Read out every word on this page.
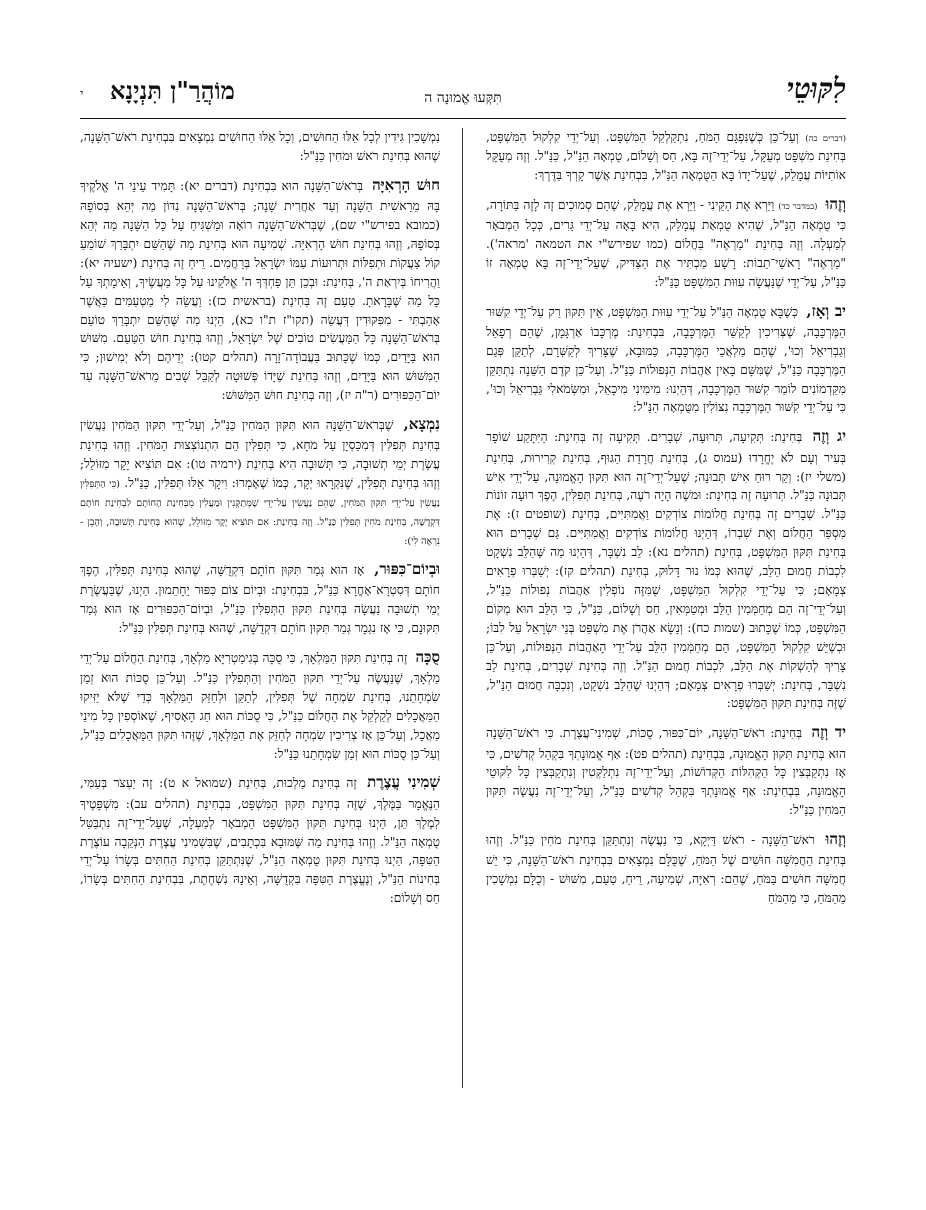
לִקּוּטֵי
תִּקְּעוּ אֱמוּנָה ה
מוֹהֲרַ"ן תִּנְיָנָא
י

(דברים כה) וְעַל־כֵּן כְּשֶׁנִּפְגָּם הַמֹּחַ, נִתְקַלְקֵל הַמִּשְׁפָּט. וְעַל־יְדֵי קִלְקוּל הַמִּשְׁפָּט, בְּחִינַת מִשְׁפָּט מְעֻקָּל, עַל־יְדֵי־זֶה בָּא, חַס וְשָׁלוֹם, טֻמְאָה הַנַּ"ל, כַּנַּ"ל. וְזֶה מְעֻקָּל אוֹתִיּוֹת עֲמָלֵק, שֶׁעַל־יָדוֹ בָּא הַטֻּמְאָה הַנַּ"ל, בִּבְחִינַת אֲשֶׁר קָרְךָ בַּדֶּרֶךְ:

וְזֶהוּ (במדבר כד) וַיַּרְא אֶת הַקֵּינִי - וַיַּרְא אֶת עֲמָלֵק, שֶׁהֵם סְמוּכִים זֶה לָזֶה בַּתּוֹרָה, כִּי טֻמְאָה הַנַּ"ל, שֶׁהִיא טֻמְאַת עֲמָלֵק, הִיא בָּאָה עַל־יְדֵי גֵּרִים, כְּכָל הַמְבֹאָר לְמַעְלָה. וְזֶה בְּחִינַת "מַרְאֶה" בַּחֲלוֹם (כמו שפירש"י את הטמאה 'מראה'). "מַרְאֶה" רָאשֵׁי־תֵבוֹת: רָשָׁע מַכְתִּיר אֶת הַצַּדִּיק, שֶׁעַל־יְדֵי־זֶה בָּא טֻמְאָה זוֹ כַּנַּ"ל, עַל־יְדֵי שֶׁנַּעֲשָׂה עִוּוּת הַמִּשְׁפָּט כַּנַּ"ל:

יב וְאָז, כְּשֶׁבָּא טֻמְאָה הַנַּ"ל עַל־יְדֵי עִוּוּת הַמִּשְׁפָּט, אֵין תִּקּוּן רַק עַל־יְדֵי קִשּׁוּר הַמֶּרְכָּבָה, שֶׁצְּרִיכִין לְקַשֵּׁר הַמֶּרְכָּבָה, בִּבְחִינַת: מֶרְכָּבוֹ אַרְגָּמָן, שֶׁהֵם רְפָאֵל וְגַבְרִיאֵל וְכוּ', שֶׁהֵם מַלְאֲכֵי הַמֶּרְכָּבָה, כַּמּוּבָא, שֶׁצָּרִיךְ לְקַשְּׁרָם, לְתַקֵּן פְּגַם הַמֶּרְכָּבָה כַּנַּ"ל, שֶׁמִּשָּׁם בָּאִין אַהֲבוֹת הַנְּפוּלוֹת כַּנַּ"ל. וְעַל־כֵּן קֹדֶם הַשֵּׁנָה נִתְתַּקֵּן מִקַּדְמוֹנִים לוֹמַר קִשּׁוּר הַמֶּרְכָּבָה, דְּהַיְנוּ: מִימִינִי מִיכָאֵל, וּמִשְּׂמֹאלִי גַּבְרִיאֵל וְכוּ', כִּי עַל־יְדֵי קִשּׁוּר הַמֶּרְכָּבָה נִצּוֹלִין מִטֻּמְאָה הַנַּ"ל:

יג וְזֶה בְּחִינַת: תְּקִיעָה, תְּרוּעָה, שְׁבָרִים. תְּקִיעָה זֶה בְּחִינַת: הַיִּתָּקַע שׁוֹפָר בְּעִיר וְעָם לֹא יֶחֱרָדוּ (עמוס ג), בְּחִינַת חֲרָדַת הַגּוּף, בְּחִינַת קְרִירוּת, בְּחִינַת (משלי יז): וְקַר רוּחַ אִישׁ תְּבוּנָה; שֶׁעַל־יְדֵי־זֶה הוּא תִּקּוּן הָאֱמוּנָה, עַל־יְדֵי אִישׁ תְּבוּנָה כַּנַּ"ל. תְּרוּעָה זֶה בְּחִינַת: וּמשֶׁה הָיָה רֹעֶה, בְּחִינַת תְּפִלִּין, הֶפֶךְ רוּעָה זוֹנוֹת כַּנַּ"ל. שְׁבָרִים זֶה בְּחִינַת חֲלוֹמוֹת צוֹדְקִים וַאֲמִתִּיִּים, בְּחִינַת (שופטים ז): אֶת מִסְפַּר הַחֲלוֹם וְאֶת שִׁבְרוֹ, דְּהַיְנוּ חֲלוֹמוֹת צוֹדְקִים וַאֲמִתִּיִּים. גַּם שְׁבָרִים הוּא בְּחִינַת תִּקּוּן הַמִּשְׁפָּט, בְּחִינַת (תהלים נא): לֵב נִשְׁבָּר, דְּהַיְנוּ מַה שֶּׁהַלֵּב נִשְׁקָט לִכְבוֹת חֲמוּם הַלֵּב, שֶׁהוּא כְּמוֹ נוּר דָּלוּק, בְּחִינַת (תהלים קז): יְשַׁבְּרוּ פְרָאִים צְמָאָם; כִּי עַל־יְדֵי קִלְקוּל הַמִּשְׁפָּט, שֶׁמִּזֶּה נוֹפְלִין אַהֲבוֹת נְפוּלוֹת כַּנַּ"ל, וְעַל־יְדֵי־זֶה הֵם מְחַמְּמִין הַלֵּב וּמְטַמְּאִין, חַס וְשָׁלוֹם, כַּנַּ"ל, כִּי הַלֵּב הוּא מְקוֹם הַמִּשְׁפָּט, כְּמוֹ שֶׁכָּתוּב (שמות כח): וְנָשָׂא אַהֲרֹן אֶת מִשְׁפַּט בְּנֵי יִשְׂרָאֵל עַל לִבּוֹ; וּכְשֶׁיֵּשׁ קִלְקוּל הַמִּשְׁפָּט, הֵם מְחַמְּמִין הַלֵּב עַל־יְדֵי הָאַהֲבוֹת הַנְּפוּלוֹת, וְעַל־כֵּן צָרִיךְ לְהַשְׁקוֹת אֶת הַלֵּב, לִכְבוֹת חֲמוּם הַנַּ"ל. וְזֶה בְּחִינַת שְׁבָרִים, בְּחִינַת לֵב נִשְׁבָּר, בְּחִינַת: יְשַׁבְּרוּ פְרָאִים צְמָאָם; דְּהַיְנוּ שֶׁהַלֵּב נִשְׁקָט, וְנִכְבָּה חֲמוּם הַנַּ"ל, שֶׁזֶּה בְּחִינַת תִּקּוּן הַמִּשְׁפָּט:

יד וְזֶה בְּחִינַת: רֹאשׁ־הַשָּׁנָה, יוֹם־כִּפּוּר, סֻכּוֹת, שְׁמִינִי־עֲצֶרֶת. כִּי רֹאשׁ־הַשָּׁנָה הוּא בְּחִינַת תִּקּוּן הָאֱמוּנָה, בִּבְחִינַת (תהלים פט): אַף אֱמוּנָתְךָ בִּקְהַל קְדֹשִׁים, כִּי אָז נִתְקַבְּצִין כָּל הַקְּהִלּוֹת הַקְּדוֹשׁוֹת, וְעַל־יְדֵי־זֶה נִתְלַקְּטִין וְנִתְקַבְּצִין כָּל לִקּוּטֵי הָאֱמוּנָה, בִּבְחִינַת: אַף אֱמוּנָתְךָ בִּקְהַל קְדֹשִׁים כַּנַּ"ל, וְעַל־יְדֵי־זֶה נַעֲשֶׂה תִּקּוּן הַמֹּחִין כַּנַּ"ל:

וְזֶהוּ רֹאשׁ־הַשָּׁנָה - רֹאשׁ דַּיְקָא, כִּי נַעֲשֶׂה וְנִתְתַּקֵּן בְּחִינַת מֹחִין כַּנַּ"ל. וְזֶהוּ בְּחִינַת הַחֲמִשָּׁה חוּשִׁים שֶׁל הַמֹּחַ, שֶׁכֻּלָּם נִמְצָאִים בִּבְחִינַת רֹאשׁ־הַשָּׁנָה, כִּי יֵשׁ חֲמִשָּׁה חוּשִׁים בַּמֹּחַ, שֶׁהֵם: רְאִיָּה, שְׁמִיעָה, רֵיחַ, טַעַם, מִשּׁוּשׁ - וְכֻלָּם נִמְשָׁכִין מֵהַמֹּחַ, כִּי מֵהַמֹּחַ

נִמְשָׁכִין גִּידִין לְכָל אֵלּוּ הַחוּשִׁים, וְכָל אֵלּוּ הַחוּשִׁים נִמְצָאִים בִּבְחִינַת רֹאשׁ־הַשָּׁנָה, שֶׁהוּא בְּחִינַת רֹאשׁ וּמֹחִין כַּנַּ"ל:

חוּשׁ הָרְאִיָּה בְּרֹאשׁ־הַשָּׁנָה הוּא בִּבְחִינַת (דברים יא): תָּמִיד עֵינֵי ה' אֱלֹקֶיךָ בָּהּ מֵרֵאשִׁית הַשָּׁנָה וְעַד אַחֲרִית שָׁנָה; בְּרֹאשׁ־הַשָּׁנָה נִדּוֹן מַה יְּהֵא בְּסוֹפָהּ (כמובא בפירש"י שם), שֶׁבְּרֹאשׁ־הַשָּׁנָה רוֹאָה וּמַשְׁגִּיחַ עַל כָּל הַשָּׁנָה מַה יְּהֵא בְּסוֹפָהּ, וְזֶהוּ בְּחִינַת חוּשׁ הָרְאִיָּה. שְׁמִיעָה הוּא בְּחִינַת מַה שֶּׁהַשֵּׁם יִתְבָּרַךְ שׁוֹמֵעַ קוֹל צַעֲקוֹת וּתְפִלּוֹת וּתְרוּעוֹת עַמּוֹ יִשְׂרָאֵל בְּרַחֲמִים. רֵיחַ זֶה בְּחִינַת (ישעיה יא): וַהֲרִיחוֹ בְּיִרְאַת ה', בְּחִינַת: וּבְכֵן תֵּן פַּחְדְּךָ ה' אֱלֹקֵינוּ עַל כָּל מַעֲשֶׂיךָ, וְאֵימָתְךָ עַל כָּל מַה שֶּׁבָּרָאתָ. טַעַם זֶה בְּחִינַת (בראשית כז): וַעֲשֵׂה לִי מַטְעַמִּים כַּאֲשֶׁר אָהַבְתִּי - מִפִּקּוּדִין דְּעֲשֵׂה (תקו"ז ת"ו כא), הַיְנוּ מַה שֶּׁהַשֵּׁם יִתְבָּרַךְ טוֹעֵם בְּרֹאשׁ־הַשָּׁנָה כָּל הַמַּעֲשִׂים טוֹבִים שֶׁל יִשְׂרָאֵל, וְזֶהוּ בְּחִינַת חוּשׁ הַטַּעַם. מִשּׁוּשׁ הוּא בַּיָּדַיִם, כְּמוֹ שֶׁכָּתוּב בַּעֲבוֹדָה־זָרָה (תהלים קטו): יְדֵיהֶם וְלֹא יְמִישׁוּן; כִּי הַמִּשּׁוּשׁ הוּא בַּיָּדַיִם, וְזֶהוּ בְּחִינַת שֶׁיָּדוֹ פְּשׁוּטָה לְקַבֵּל שָׁבִים מֵרֹאשׁ־הַשָּׁנָה עַד יוֹם־הַכִּפּוּרִים (ר"ה יז), וְזֶה בְּחִינַת חוּשׁ הַמִּשּׁוּשׁ:

נִמְצָא, שֶׁבְּרֹאשׁ־הַשָּׁנָה הוּא תִּקּוּן הַמֹּחִין כַּנַּ"ל, וְעַל־יְדֵי תִּקּוּן הַמֹּחִין נַעֲשִׂין בְּחִינַת תְּפִלִּין דְּמִכַּסְיָן עַל מֹחָא, כִּי תְּפִלִּין הֵם הִתְנוֹצְצוּת הַמֹּחִין. וְזֶהוּ בְּחִינַת עֲשֶׂרֶת יְמֵי תְשׁוּבָה, כִּי תְּשׁוּבָה הִיא בְּחִינַת (ירמיה טו): אִם תּוֹצִיא יָקָר מִזּוֹלֵל; וְזֶהוּ בְּחִינַת תְּפִלִּין, שֶׁנִּקְרָאוּ יְקָר, כְּמוֹ שֶׁאָמְרוּ: וִיקָר אֵלּוּ תְּפִלִּין, כַּנַּ"ל. (כִּי הַתְּפִלִּין נַעֲשִׂין עַל־יְדֵי תִּקּוּן הַמֹּחִין, שֶׁהֵם נַעֲשִׂין עַל־יְדֵי שֶׁמְּתַקְּנִין וּמַעֲלִין מִבְּחִינַת הַחוֹתָם לִבְחִינַת חוֹתָם דִּקְדֻשָּׁה, בְּחִינַת מֹחִין תְּפִלִּין כַּנַּ"ל. וְזֶה בְּחִינַת: אִם תּוֹצִיא יָקָר מִזּוֹלֵל, שֶׁהוּא בְּחִינַת תְּשׁוּבָה, וְהָבֵן - נִרְאֶה לִי):

וּבְיוֹם־כִּפּוּר, אָז הוּא גְּמַר תִּקּוּן חוֹתָם דִּקְדֻשָּׁה, שֶׁהוּא בְּחִינַת תְּפִלִּין, הֶפֶךְ חוֹתָם דְּסִטְרָא־אָחֳרָא כַּנַּ"ל, בִּבְחִינַת: וּבְיוֹם צוֹם כִּפּוּר יֵחָתֵמוּן. הַיְנוּ, שֶׁבַּעֲשֶׂרֶת יְמֵי תְשׁוּבָה נַעֲשָׂה בְּחִינַת תִּקּוּן הַתְּפִלִּין כַּנַּ"ל, וּבְיוֹם־הַכִּפּוּרִים אָז הוּא גְּמַר תִּקּוּנָם, כִּי אָז נִגְמָר גְּמַר תִּקּוּן חוֹתָם דִּקְדֻשָּׁה, שֶׁהוּא בְּחִינַת תְּפִלִּין כַּנַּ"ל:

סֻכָּה זֶה בְּחִינַת תִּקּוּן הַמַּלְאָךְ, כִּי סֻכָּה בְּגִימַטְרִיָּא מַלְאָךְ, בְּחִינַת הַחֲלוֹם עַל־יְדֵי מַלְאָךְ, שֶׁנַּעֲשֶׂה עַל־יְדֵי תִּקּוּן הַמֹּחִין וְהַתְּפִלִּין כַּנַּ"ל. וְעַל־כֵּן סֻכּוֹת הוּא זְמַן שִׂמְחָתֵנוּ, בְּחִינַת שִׂמְחָה שֶׁל תְּפִלִּין, לְתַקֵּן וּלְחַזֵּק הַמַּלְאָךְ כְּדֵי שֶׁלֹּא יַזִּיקוּ הַמַּאֲכָלִים לְקַלְקֵל אֶת הַחֲלוֹם כַּנַּ"ל, כִּי סֻכּוֹת הוּא חַג הָאָסִיף, שֶׁאוֹסְפִין כָּל מִינֵי מַאֲכָל, וְעַל־כֵּן אָז צְרִיכִין שִׂמְחָה לְחַזֵּק אֶת הַמַּלְאָךְ, שֶׁזֶּהוּ תִּקּוּן הַמַּאֲכָלִים כַּנַּ"ל, וְעַל־כֵּן סֻכּוֹת הוּא זְמַן שִׂמְחָתֵנוּ כַּנַּ"ל:

שְׁמִינִי עֲצֶרֶת זֶה בְּחִינַת מַלְכוּת, בְּחִינַת (שמואל א ט): זֶה יַעְצֹר בְּעַמִּי, הַנֶּאֱמָר בַּמֶּלֶךְ, שֶׁזֶּה בְּחִינַת תִּקּוּן הַמִּשְׁפָּט, בִּבְחִינַת (תהלים עב): מִשְׁפָּטֶיךָ לְמֶלֶךְ תֵּן, הַיְנוּ בְּחִינַת תִּקּוּן הַמִּשְׁפָּט הַמְבֹאָר לְמַעְלָה, שֶׁעַל־יְדֵי־זֶה נִתְבַּטֵּל טֻמְאָה הַנַּ"ל. וְזֶהוּ בְּחִינַת מַה שֶּׁמּוּבָא בִּכְתָבִים, שֶׁבִּשְׁמִינִי עֲצֶרֶת הַנְּקֵבָה עוֹצֶרֶת הַטִּפָּה, הַיְנוּ בְּחִינַת תִּקּוּן טֻמְאָה הַנַּ"ל, שֶׁנִּתְתַּקֵּן בְּחִינַת הַחִתִּים בְּשָׂרוֹ עַל־יְדֵי בְּחִינוֹת הַנַּ"ל, וְנֶעֱצֶרֶת הַטִּפָּה בִּקְדֻשָּׁה, וְאֵינָהּ נִשְׁחֶתֶת, בִּבְחִינַת הַחִתִּים בְּשָׂרוֹ, חַס וְשָׁלוֹם:
